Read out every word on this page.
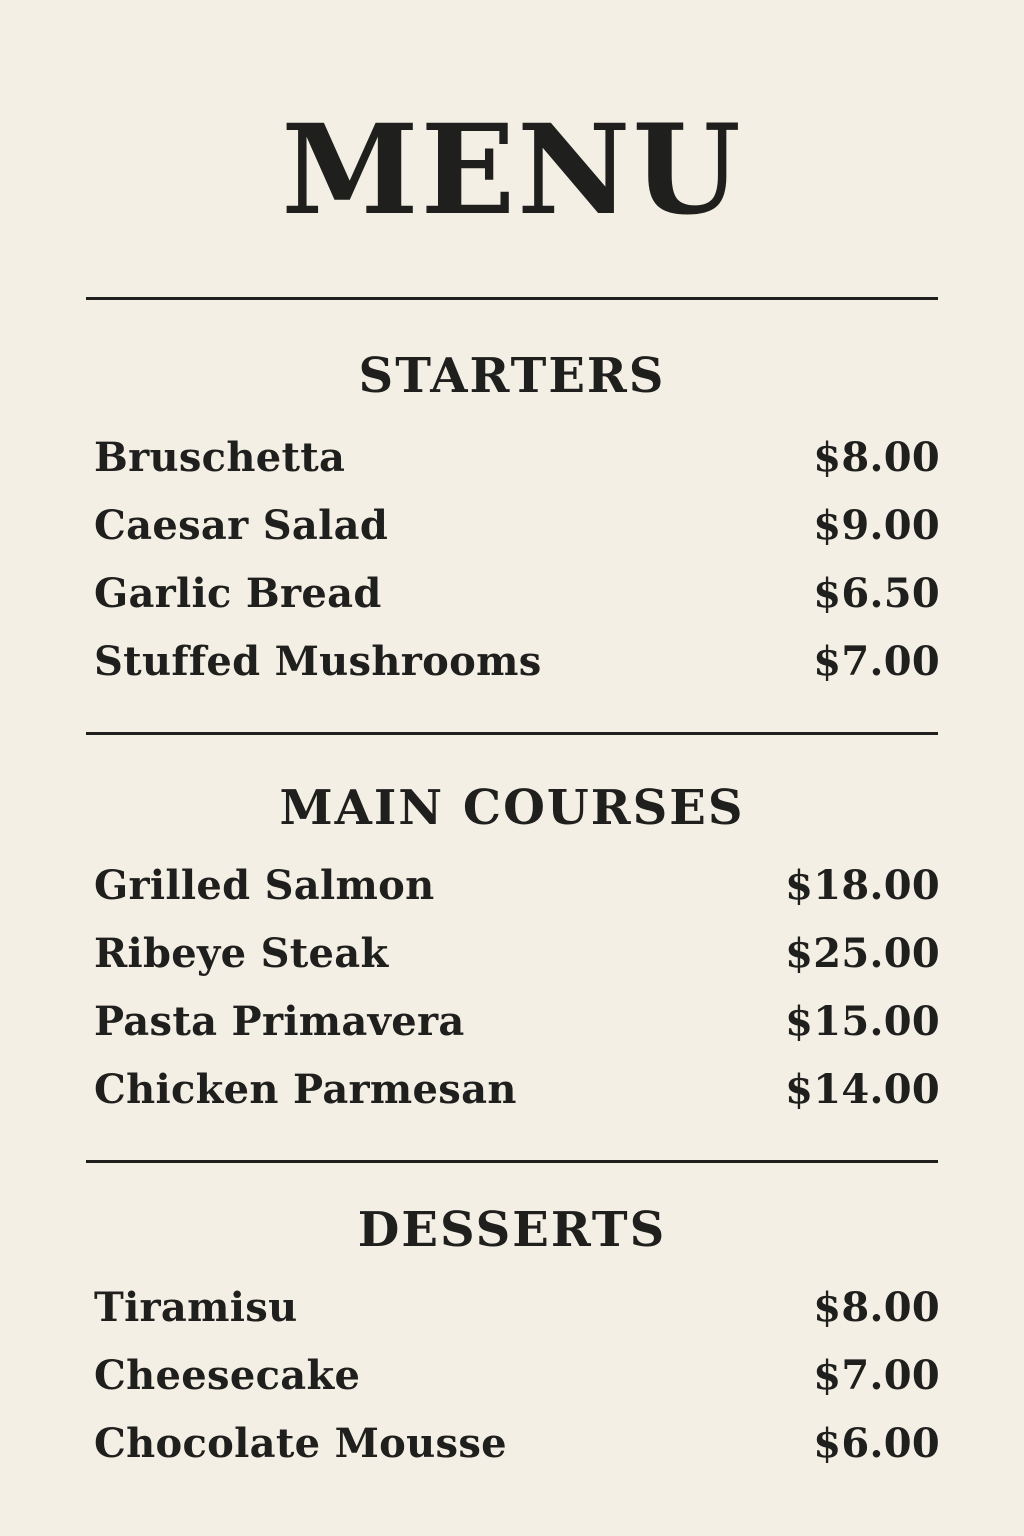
MENU
STARTERS
Bruschetta	$8.00
Caesar Salad	$9.00
Garlic Bread	$6.50
Stuffed Mushrooms	$7.00
MAIN COURSES
Grilled Salmon	$18.00
Ribeye Steak	$25.00
Pasta Primavera	$15.00
Chicken Parmesan	$14.00
DESSERTS
Tiramisu	$8.00
Cheesecake	$7.00
Chocolate Mousse	$6.00
